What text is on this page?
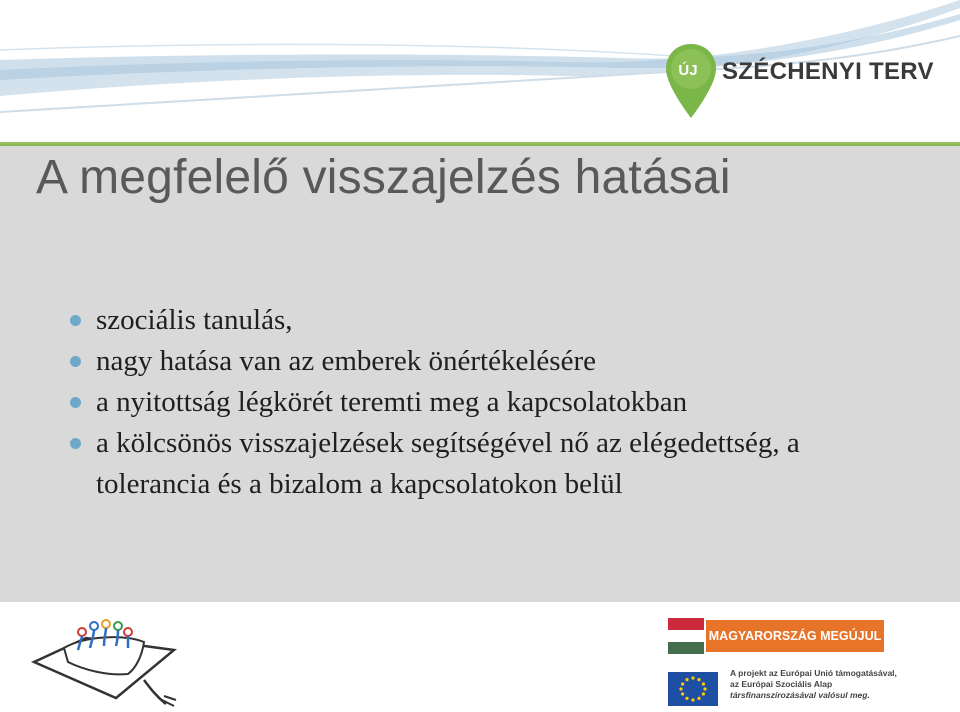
ÚJ	SZÉCHENYI TERV
A megfelelő visszajelzés hatásai
szociális tanulás,
nagy hatása van az emberek önértékelésére
a nyitottság légkörét teremti meg a kapcsolatokban
a kölcsönös visszajelzések segítségével nő az elégedettség, a tolerancia és a bizalom a kapcsolatokon belül
MAGYARORSZÁG MEGÚJUL
A projekt az Európai Unió támogatásával,
az Európai Szociális Alap
társfinanszírozásával valósul meg.
